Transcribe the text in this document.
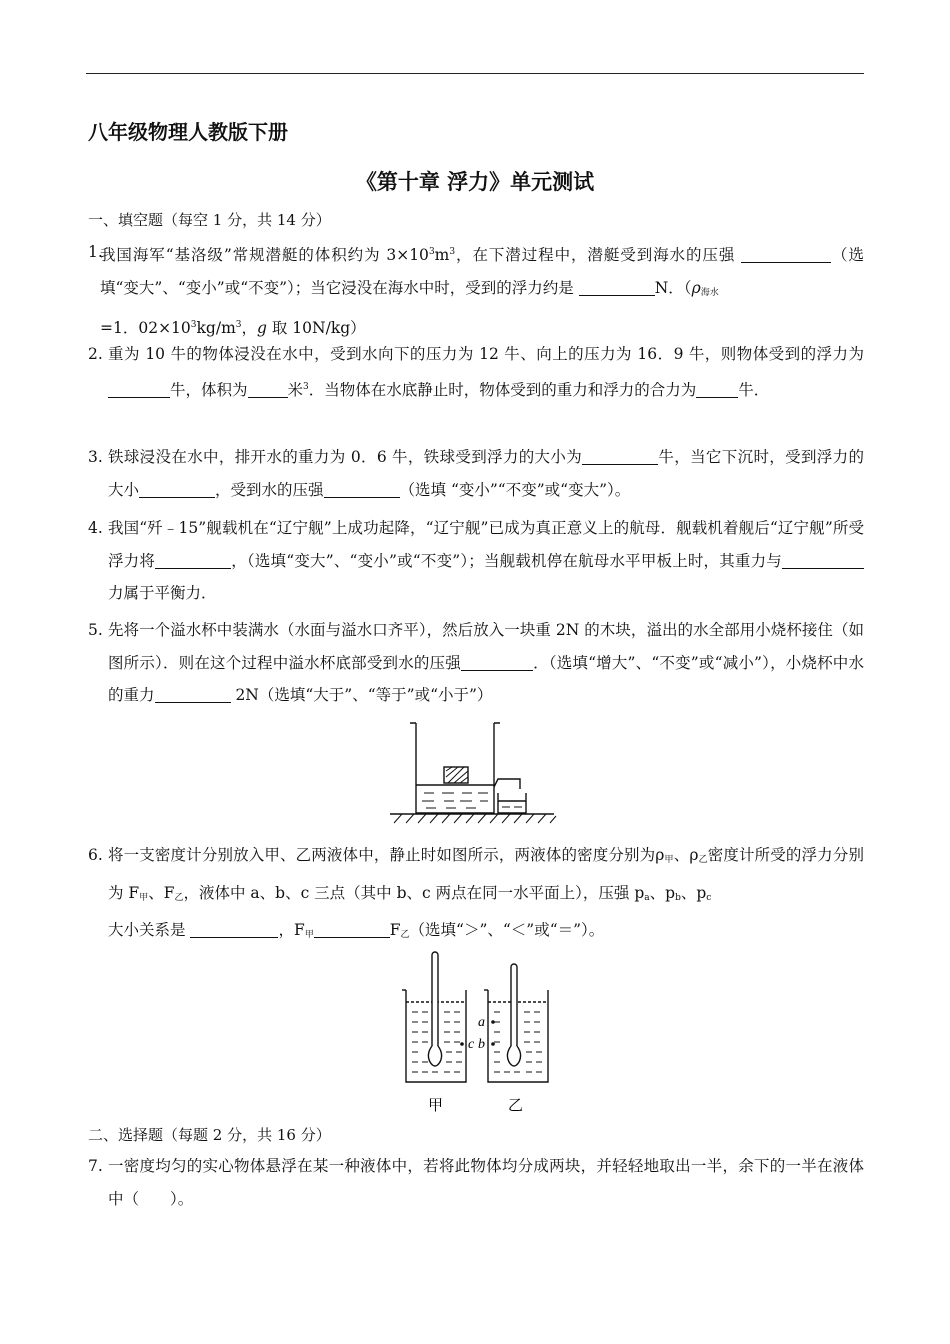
八年级物理人教版下册
《第十章 浮力》单元测试
一、填空题（每空 1 分，共 14 分）
1.
我国海军“基洛级”常规潜艇的体积约为 $3\times 10^3m^3$，在下潜过程中，潜艇受到海水的压强	（选填“变大”、“变小”或“不变”）；当它浸没在海水中时，受到的浮力约是	N．（$\rho_{海水}$
=1．$02\times 10^3kg/m^3$，g 取 10N/kg）
2. 重为 10 牛的物体浸没在水中，受到水向下的压力为 12 牛、向上的压力为 16．9 牛，则物体受到的浮力为牛，体积为	米$^3$．当物体在水底静止时，物体受到的重力和浮力的合力为	牛．
3. 铁球浸没在水中，排开水的重力为 0．6 牛，铁球受到浮力的大小为	牛，当它下沉时，受到浮力的大小	，受到水的压强	（选填 “变小”“不变”或“变大”）。
4. 我国“歼﹣15”舰载机在“辽宁舰”上成功起降，“辽宁舰”已成为真正意义上的航母．舰载机着舰后“辽宁舰”所受浮力将	，（选填“变大”、“变小”或“不变”）；当舰载机停在航母水平甲板上时，其重力与力属于平衡力．
5. 先将一个溢水杯中装满水（水面与溢水口齐平），然后放入一块重 2N 的木块，溢出的水全部用小烧杯接住（如图所示）．则在这个过程中溢水杯底部受到水的压强	．（选填“增大”、“不变”或“减小”），小烧杯中水的重力	2N（选填“大于”、“等于”或“小于”）
6. 将一支密度计分别放入甲、乙两液体中，静止时如图所示，两液体的密度分别为$\rho_甲$、$\rho_乙$密度计所受的浮力分别为 $F_甲$、$F_乙$，液体中 a、b、c 三点（其中 b、c 两点在同一水平面上），压强 $p_a$、$p_b$、$p_c$
大小关系是	，$F_甲$	$F_乙$（选填“＞”、“＜”或“＝”）。
c b
a
甲	乙
二、选择题（每题 2 分，共 16 分）
7. 一密度均匀的实心物体悬浮在某一种液体中，若将此物体均分成两块，并轻轻地取出一半，余下的一半在液体中（　　）。
